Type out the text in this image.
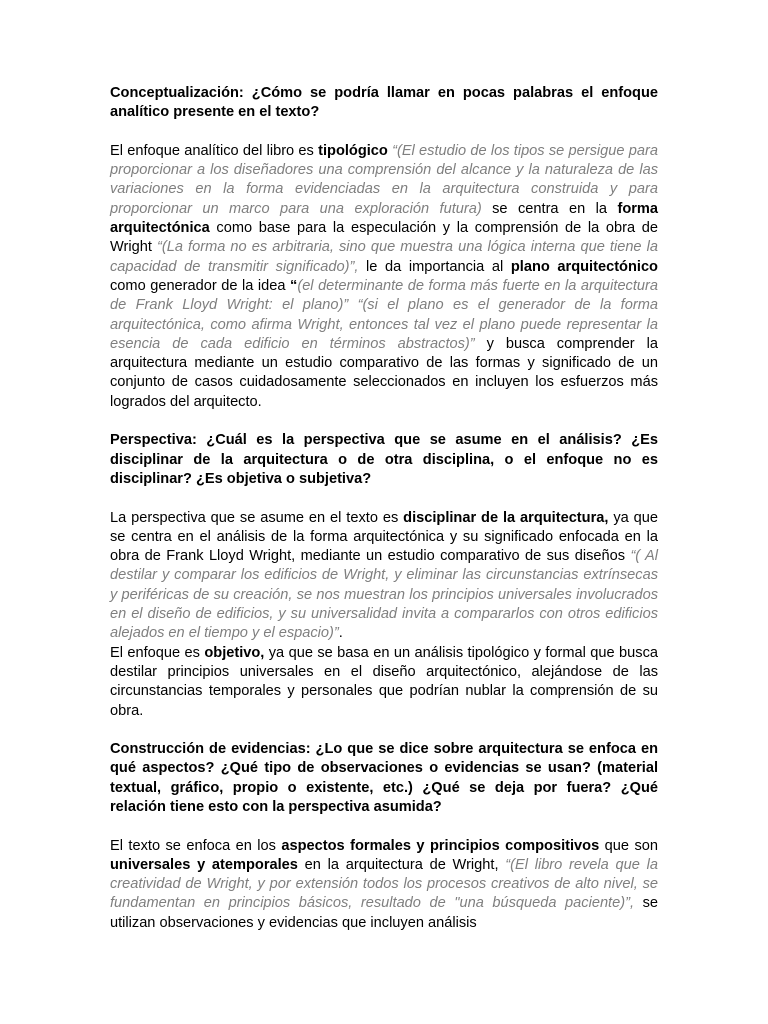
Conceptualización: ¿Cómo se podría llamar en pocas palabras el enfoque analítico presente en el texto?

El enfoque analítico del libro es tipológico “(El estudio de los tipos se persigue para proporcionar a los diseñadores una comprensión del alcance y la naturaleza de las variaciones en la forma evidenciadas en la arquitectura construida y para proporcionar un marco para una exploración futura) se centra en la forma arquitectónica como base para la especulación y la comprensión de la obra de Wright “(La forma no es arbitraria, sino que muestra una lógica interna que tiene la capacidad de transmitir significado)”, le da importancia al plano arquitectónico como generador de la idea “(el determinante de forma más fuerte en la arquitectura de Frank Lloyd Wright: el plano)” “(si el plano es el generador de la forma arquitectónica, como afirma Wright, entonces tal vez el plano puede representar la esencia de cada edificio en términos abstractos)” y busca comprender la arquitectura mediante un estudio comparativo de las formas y significado de un conjunto de casos cuidadosamente seleccionados en incluyen los esfuerzos más logrados del arquitecto.

Perspectiva: ¿Cuál es la perspectiva que se asume en el análisis? ¿Es disciplinar de la arquitectura o de otra disciplina, o el enfoque no es disciplinar? ¿Es objetiva o subjetiva?

La perspectiva que se asume en el texto es disciplinar de la arquitectura, ya que se centra en el análisis de la forma arquitectónica y su significado enfocada en la obra de Frank Lloyd Wright, mediante un estudio comparativo de sus diseños “( Al destilar y comparar los edificios de Wright, y eliminar las circunstancias extrínsecas y periféricas de su creación, se nos muestran los principios universales involucrados en el diseño de edificios, y su universalidad invita a compararlos con otros edificios alejados en el tiempo y el espacio)”.

El enfoque es objetivo, ya que se basa en un análisis tipológico y formal que busca destilar principios universales en el diseño arquitectónico, alejándose de las circunstancias temporales y personales que podrían nublar la comprensión de su obra.

Construcción de evidencias: ¿Lo que se dice sobre arquitectura se enfoca en qué aspectos? ¿Qué tipo de observaciones o evidencias se usan? (material textual, gráfico, propio o existente, etc.) ¿Qué se deja por fuera? ¿Qué relación tiene esto con la perspectiva asumida?

El texto se enfoca en los aspectos formales y principios compositivos que son universales y atemporales en la arquitectura de Wright, “(El libro revela que la creatividad de Wright, y por extensión todos los procesos creativos de alto nivel, se fundamentan en principios básicos, resultado de "una búsqueda paciente)”, se utilizan observaciones y evidencias que incluyen análisis
